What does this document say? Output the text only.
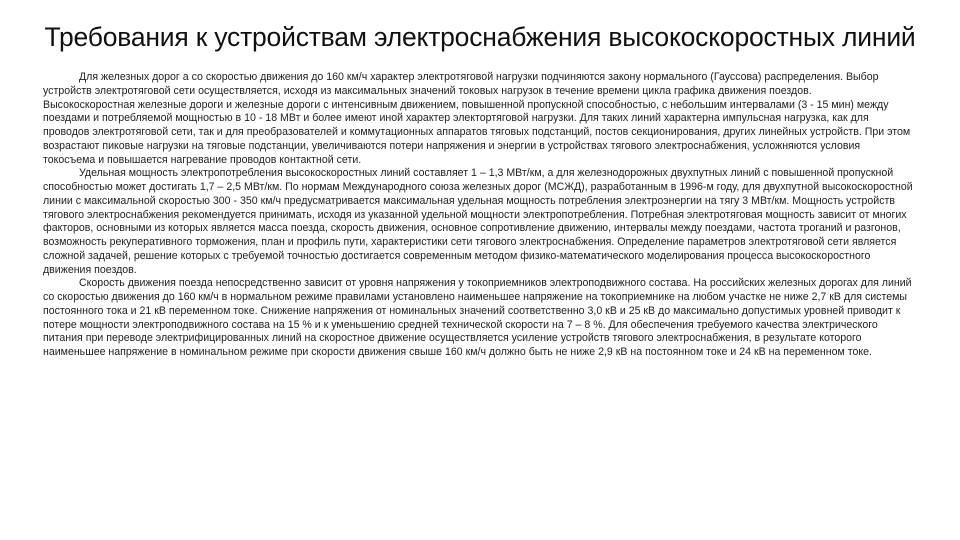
Требования к устройствам электроснабжения высокоскоростных линий

Для железных дорог а со скоростью движения до 160 км/ч характер электротяговой нагрузки подчиняются закону нормального (Гауссова) распределения. Выбор устройств электротяговой сети осуществляется, исходя из максимальных значений токовых нагрузок в течение времени цикла графика движения поездов.

Высокоскоростная железные дороги и железные дороги с интенсивным движением, повышенной пропускной способностью, с небольшим интервалами (3 - 15 мин) между поездами и потребляемой мощностью в 10 - 18 МВт и более имеют иной характер электортяговой нагрузки. Для таких линий характерна импульсная нагрузка, как для проводов электротяговой сети, так и для преобразователей и коммутационных аппаратов тяговых подстанций, постов секционирования, других линейных устройств. При этом возрастают пиковые нагрузки на тяговые подстанции, увеличиваются потери напряжения и энергии в устройствах тягового электроснабжения, усложняются условия токосъема и повышается нагревание проводов контактной сети.

Удельная мощность электропотребления высокоскоростных линий составляет 1 – 1,3 МВт/км, а для железнодорожных двухпутных линий с повышенной пропускной способностью может достигать 1,7 – 2,5 МВт/км. По нормам Международного союза железных дорог (МСЖД), разработанным в 1996-м году, для двухпутной высокоскоростной линии с максимальной скоростью 300 - 350 км/ч предусматривается максимальная удельная мощность потребления электроэнергии на тягу 3 МВт/км. Мощность устройств тягового электроснабжения рекомендуется принимать, исходя из указанной удельной мощности электропотребления. Потребная электротяговая мощность зависит от многих факторов, основными из которых является масса поезда, скорость движения, основное сопротивление движению, интервалы между поездами, частота троганий и разгонов, возможность рекуперативного торможения, план и профиль пути, характеристики сети тягового электроснабжения. Определение параметров электротяговой сети является сложной задачей, решение которых с требуемой точностью достигается современным методом физико-математического моделирования процесса высокоскоростного движения поездов.

Скорость движения поезда непосредственно зависит от уровня напряжения у токоприемников электроподвижного состава. На российских железных дорогах для линий со скоростью движения до 160 км/ч в нормальном режиме правилами установлено наименьшее напряжение на токоприемнике на любом участке не ниже 2,7 кВ для системы постоянного тока и 21 кВ переменном токе. Снижение напряжения от номинальных значений соответственно 3,0 кВ и 25 кВ до максимально допустимых уровней приводит к потере мощности электроподвижного состава на 15 % и к уменьшению средней технической скорости на 7 – 8 %. Для обеспечения требуемого качества электрического питания при переводе электрифицированных линий на скоростное движение осуществляется усиление устройств тягового электроснабжения, в результате которого наименьшее напряжение в номинальном режиме при скорости движения свыше 160 км/ч должно быть не ниже 2,9 кВ на постоянном токе и 24 кВ на переменном токе.
